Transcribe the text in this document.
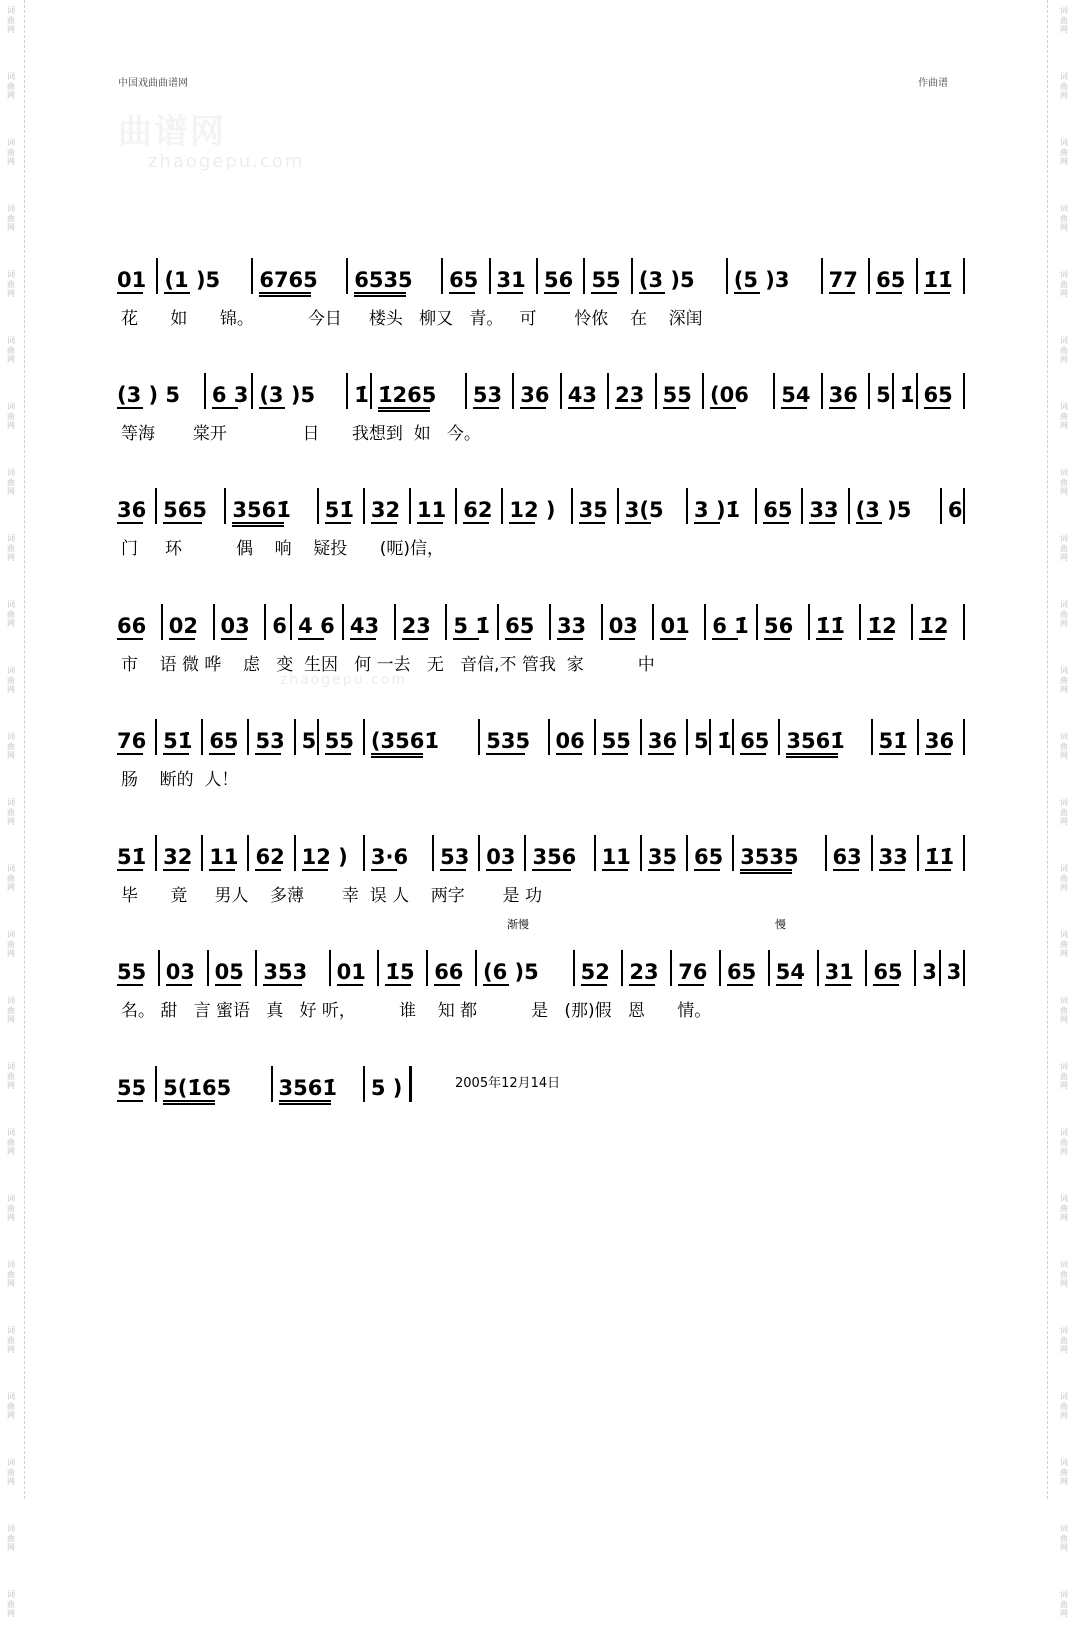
词
曲
网
词
曲
网
词
曲
网
词
曲
网
词
曲
网
词
曲
网
词
曲
网
词
曲
网
词
曲
网
词
曲
网
词
曲
网
词
曲
网
词
曲
网
词
曲
网
词
曲
网
词
曲
网
词
曲
网
词
曲
网
词
曲
网
词
曲
网
词
曲
网
词
曲
网
词
曲
网
词
曲
网
词
曲
网
词
曲
网
词
曲
网
词
曲
网
词
曲
网
词
曲
网
词
曲
网
词
曲
网
词
曲
网
词
曲
网
词
曲
网
词
曲
网
词
曲
网
词
曲
网
词
曲
网
词
曲
网
词
曲
网
词
曲
网
词
曲
网
词
曲
网
词
曲
网
词
曲
网
词
曲
网
词
曲
网
词
曲
网
词
曲
网
中国戏曲曲谱网	作曲谱
曲谱网
zhaogepu.com
zhaogepu.com
01 (1 )5 6765 6535 65 31 56 55 (3 )5 (5 )3 77 65 1̇1̇
花      如      锦。          今日     楼头   柳又   青。   可       怜侬    在    深闺
(3 ) 5 6 3 (3 )5 1̇ 1̇265 53 36 43 23 55 (06 54 36 5 1̇ 65
等海       棠开              日      我想到  如   今。
36 565 3561̇ 51̇ 32 11 62 12 ) 35 3(5 3 )1̇ 65 33 (3 )5 6
门     环          偶    响    疑投      (呃)信，
66 02 03 6 4 6 43 23 5 1̇ 65 33 03 01 6 1̇ 56 1̇1̇ 1̇2 1̇2
市    语 微 哗    虑   变  生因   何 一去   无   音信,不 管我  家          中
76 51̇ 65 53 5 55 (3561̇ 535 06 55 36 5 1̇ 65 3561̇ 51̇ 36
肠    断的  人！
51̇ 32 11 62 12 ) 3·6 53 03 356 11 35 65 3535 63 33 1̇1̇
毕      竟     男人    多薄       幸  误 人    两字       是 功
55 03 05 353 01 1̇5 66 (6 )5 52 23 76 65 54 31 65 3 3
渐慢	慢
名。 甜   言 蜜语   真   好 听，        谁    知 都          是   (那)假   恩      情。
55 5(1̇65 3561̇ 5 )	2005年12月14日
